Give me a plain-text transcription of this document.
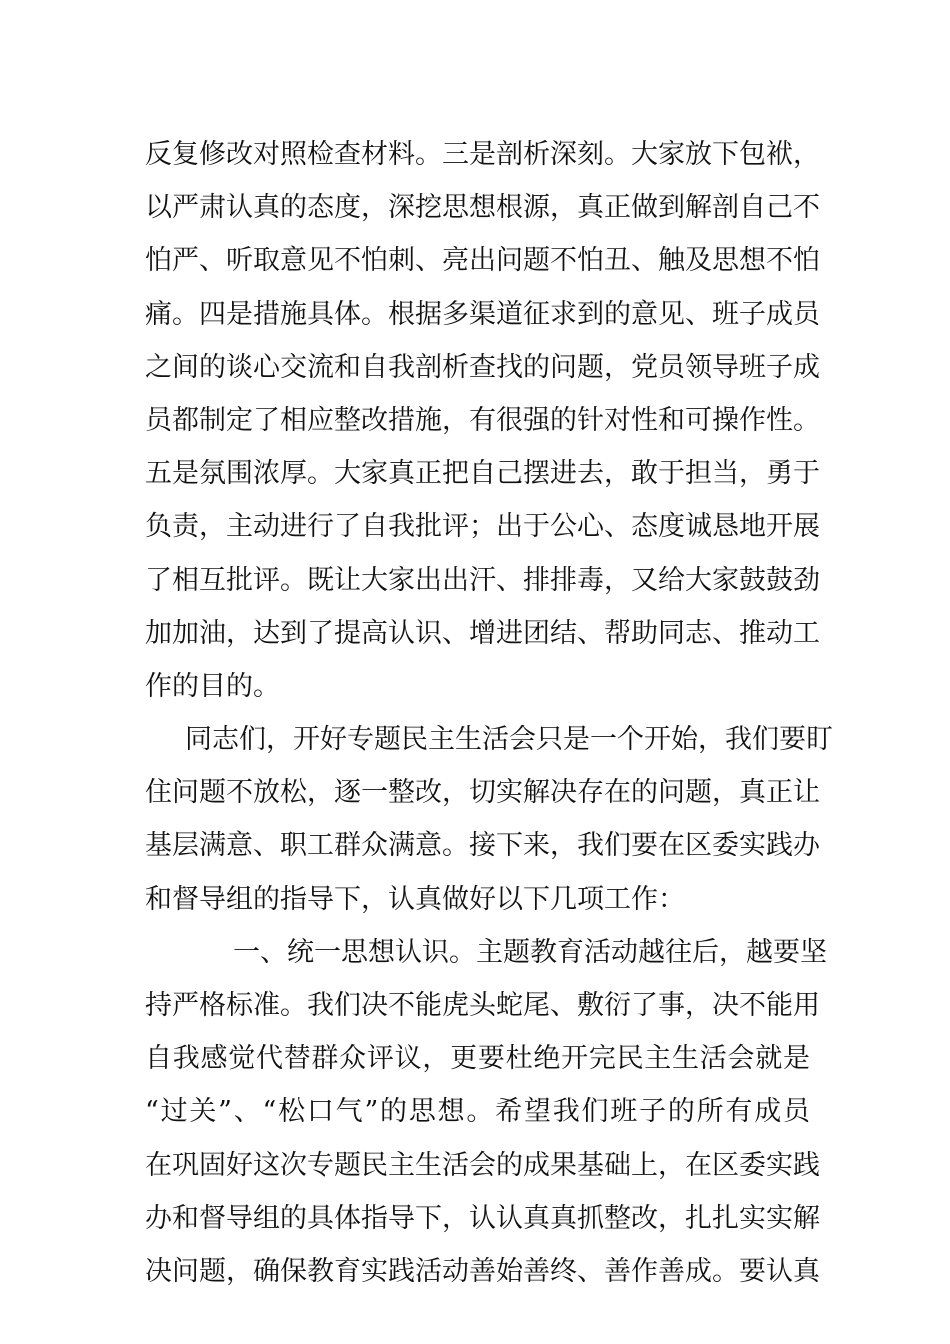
反复修改对照检查材料。三是剖析深刻。大家放下包袱，
以严肃认真的态度，深挖思想根源，真正做到解剖自己不
怕严、听取意见不怕刺、亮出问题不怕丑、触及思想不怕
痛。四是措施具体。根据多渠道征求到的意见、班子成员
之间的谈心交流和自我剖析查找的问题，党员领导班子成
员都制定了相应整改措施，有很强的针对性和可操作性。
五是氛围浓厚。大家真正把自己摆进去，敢于担当，勇于
负责，主动进行了自我批评；出于公心、态度诚恳地开展
了相互批评。既让大家出出汗、排排毒，又给大家鼓鼓劲
加加油，达到了提高认识、增进团结、帮助同志、推动工
作的目的。
同志们，开好专题民主生活会只是一个开始，我们要盯
住问题不放松，逐一整改，切实解决存在的问题，真正让
基层满意、职工群众满意。接下来，我们要在区委实践办
和督导组的指导下，认真做好以下几项工作：
一、统一思想认识。主题教育活动越往后，越要坚
持严格标准。我们决不能虎头蛇尾、敷衍了事，决不能用
自我感觉代替群众评议，更要杜绝开完民主生活会就是
“过关”、“松口气”的思想。希望我们班子的所有成员
在巩固好这次专题民主生活会的成果基础上，在区委实践
办和督导组的具体指导下，认认真真抓整改，扎扎实实解
决问题，确保教育实践活动善始善终、善作善成。要认真
